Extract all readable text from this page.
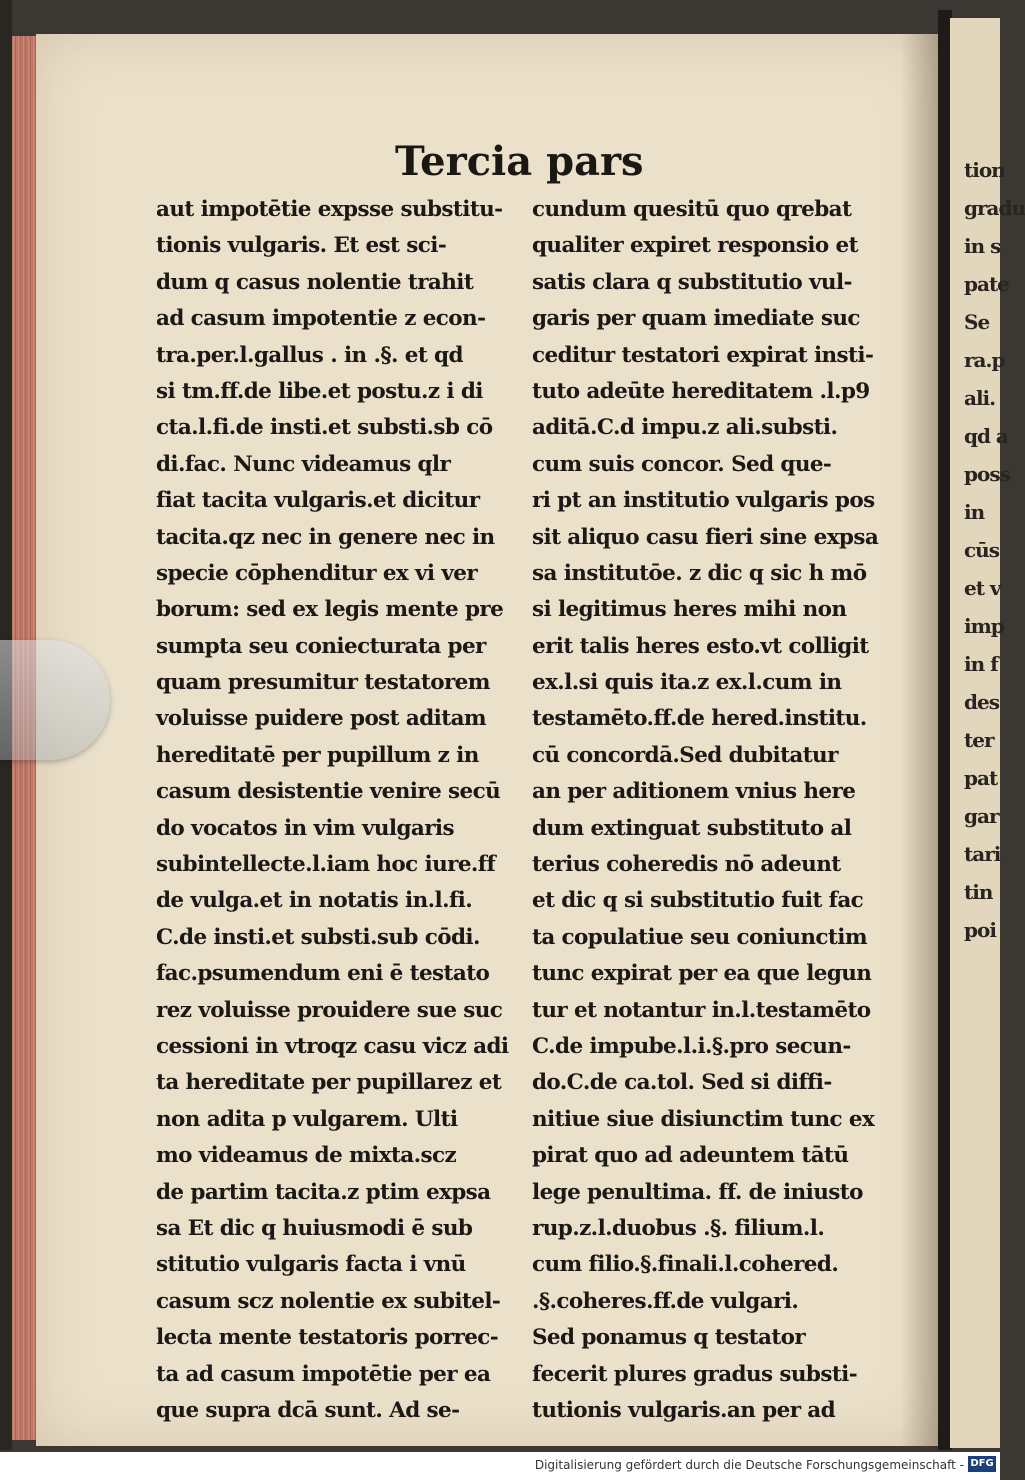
tion
gradu
in s
pate
Se
ra.p
ali.
qd a
poss
in
cūs
et v
imp
in f
des
ter
pat
gar
tari
tin
poi
Tercia pars
aut impotētie expsse substitu-
tionis vulgaris. Et est sci-
dum q casus nolentie trahit
ad casum impotentie z econ-
tra.per.l.gallus . in .§. et qd
si tm.ff.de libe.et postu.z i di
cta.l.fi.de insti.et substi.sb cō
di.fac. Nunc videamus qlr
fiat tacita vulgaris.et dicitur
tacita.qz nec in genere nec in
specie cōphenditur ex vi ver
borum: sed ex legis mente pre
sumpta seu coniecturata per
quam presumitur testatorem
voluisse puidere post aditam
hereditatē per pupillum z in
casum desistentie venire secū
do vocatos in vim vulgaris
subintellecte.l.iam hoc iure.ff
de vulga.et in notatis in.l.fi.
C.de insti.et substi.sub cōdi.
fac.psumendum eni ē testato
rez voluisse prouidere sue suc
cessioni in vtroqz casu vicz adi
ta hereditate per pupillarez et
non adita p vulgarem. Ulti
mo videamus de mixta.scz
de partim tacita.z ptim expsa
sa Et dic q huiusmodi ē sub
stitutio vulgaris facta i vnū
casum scz nolentie ex subitel-
lecta mente testatoris porrec-
ta ad casum impotētie per ea
que supra dcā sunt. Ad se-
cundum quesitū quo qrebat
qualiter expiret responsio et
satis clara q substitutio vul-
garis per quam imediate suc
ceditur testatori expirat insti-
tuto adeūte hereditatem .l.p9
aditā.C.d impu.z ali.substi.
cum suis concor. Sed que-
ri pt an institutio vulgaris pos
sit aliquo casu fieri sine expsa
sa institutōe. z dic q sic h mō
si legitimus heres mihi non
erit talis heres esto.vt colligit
ex.l.si quis ita.z ex.l.cum in
testamēto.ff.de hered.institu.
cū concordā.Sed dubitatur
an per aditionem vnius here
dum extinguat substituto al
terius coheredis nō adeunt
et dic q si substitutio fuit fac
ta copulatiue seu coniunctim
tunc expirat per ea que legun
tur et notantur in.l.testamēto
C.de impube.l.i.§.pro secun-
do.C.de ca.tol. Sed si diffi-
nitiue siue disiunctim tunc ex
pirat quo ad adeuntem tātū
lege penultima. ff. de iniusto
rup.z.l.duobus .§. filium.l.
cum filio.§.finali.l.cohered.
.§.coheres.ff.de vulgari.
Sed ponamus q testator
fecerit plures gradus substi-
tutionis vulgaris.an per ad
Digitalisierung gefördert durch die Deutsche Forschungsgemeinschaft - DFG
